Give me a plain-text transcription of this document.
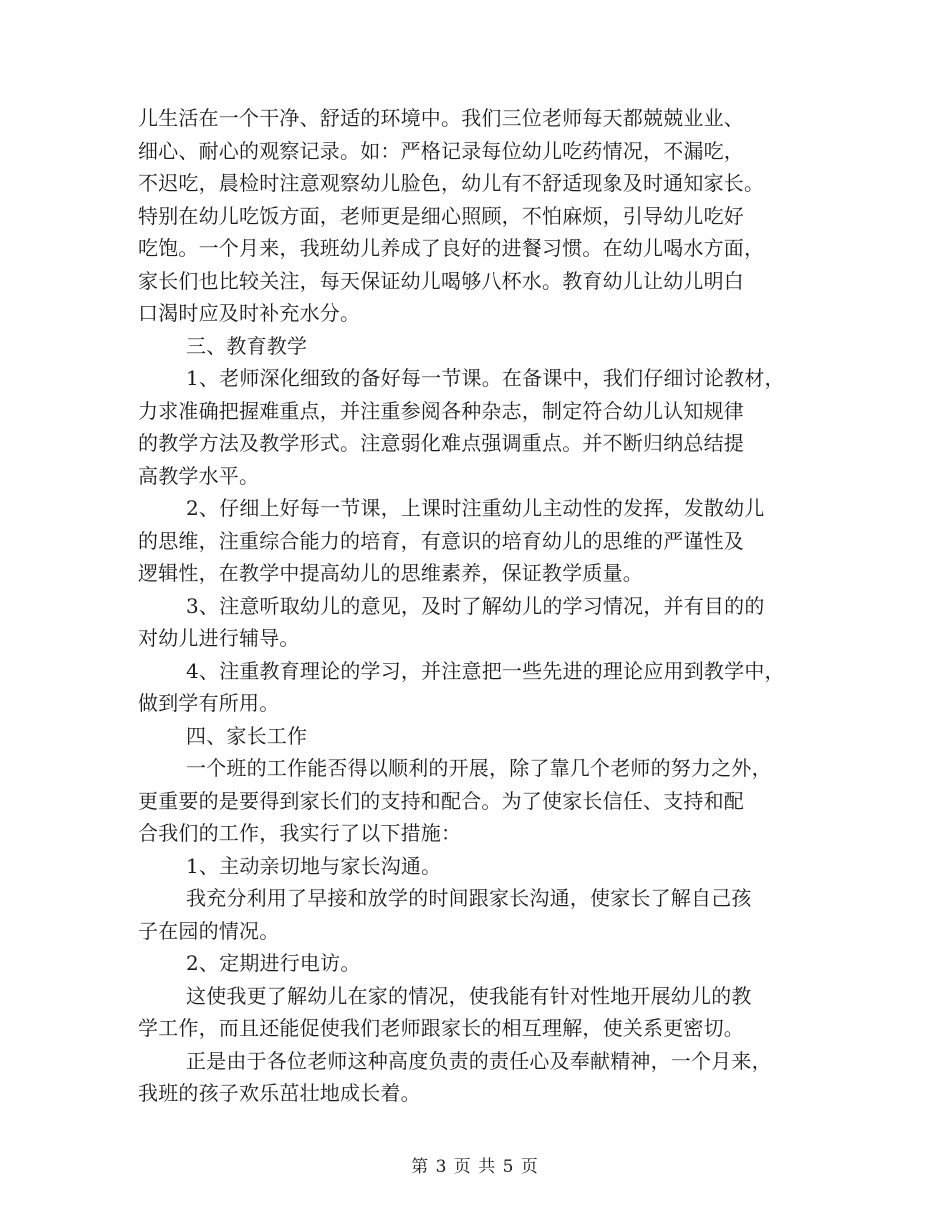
儿生活在一个干净、舒适的环境中。我们三位老师每天都兢兢业业、
细心、耐心的观察记录。如：严格记录每位幼儿吃药情况，不漏吃，
不迟吃，晨检时注意观察幼儿脸色，幼儿有不舒适现象及时通知家长。
特别在幼儿吃饭方面，老师更是细心照顾，不怕麻烦，引导幼儿吃好
吃饱。一个月来，我班幼儿养成了良好的进餐习惯。在幼儿喝水方面，
家长们也比较关注，每天保证幼儿喝够八杯水。教育幼儿让幼儿明白
口渴时应及时补充水分。
三、教育教学
1、老师深化细致的备好每一节课。在备课中，我们仔细讨论教材，
力求准确把握难重点，并注重参阅各种杂志，制定符合幼儿认知规律
的教学方法及教学形式。注意弱化难点强调重点。并不断归纳总结提
高教学水平。
2、仔细上好每一节课，上课时注重幼儿主动性的发挥，发散幼儿
的思维，注重综合能力的培育，有意识的培育幼儿的思维的严谨性及
逻辑性，在教学中提高幼儿的思维素养，保证教学质量。
3、注意听取幼儿的意见，及时了解幼儿的学习情况，并有目的的
对幼儿进行辅导。
4、注重教育理论的学习，并注意把一些先进的理论应用到教学中，
做到学有所用。
四、家长工作
一个班的工作能否得以顺利的开展，除了靠几个老师的努力之外，
更重要的是要得到家长们的支持和配合。为了使家长信任、支持和配
合我们的工作，我实行了以下措施：
1、主动亲切地与家长沟通。
我充分利用了早接和放学的时间跟家长沟通，使家长了解自己孩
子在园的情况。
2、定期进行电访。
这使我更了解幼儿在家的情况，使我能有针对性地开展幼儿的教
学工作，而且还能促使我们老师跟家长的相互理解，使关系更密切。
正是由于各位老师这种高度负责的责任心及奉献精神，一个月来，
我班的孩子欢乐茁壮地成长着。
第 3 页 共 5 页
